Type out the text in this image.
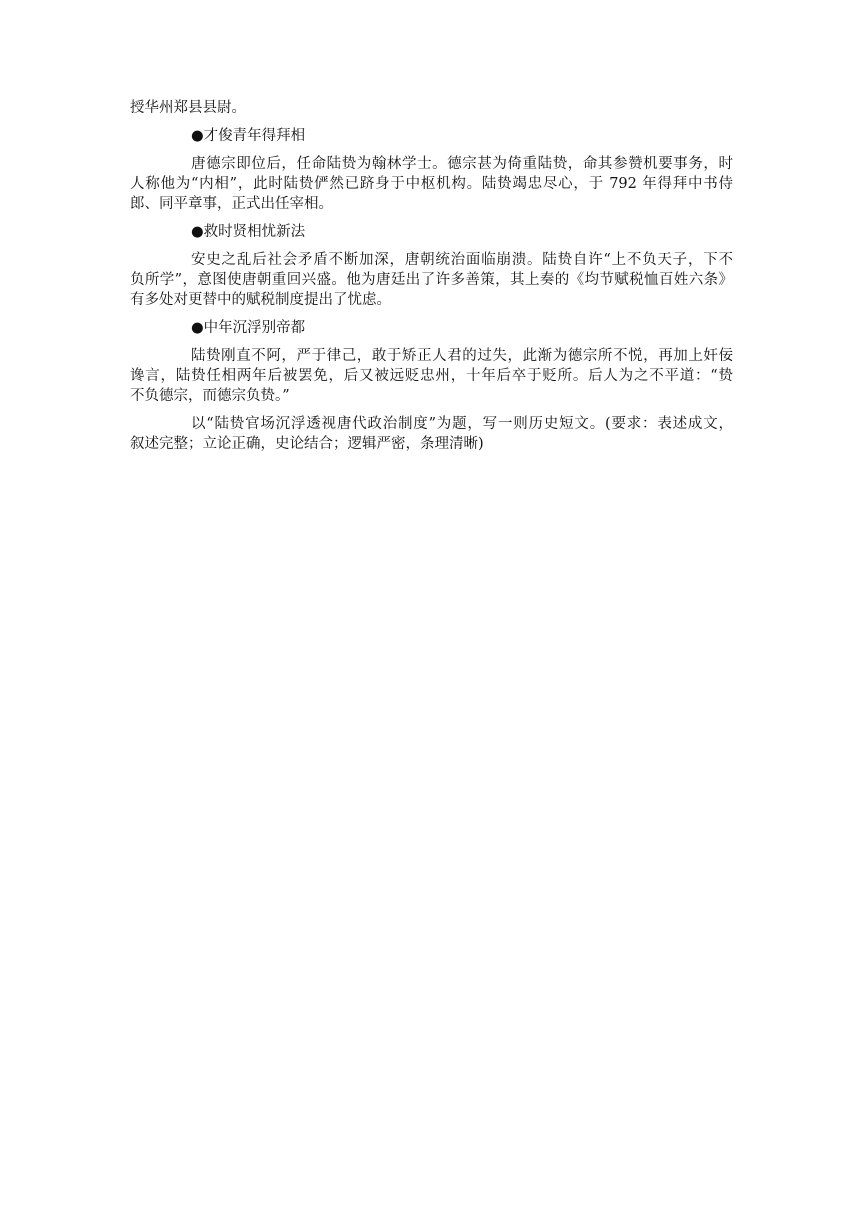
授华州郑县县尉。

●才俊青年得拜相

唐德宗即位后，任命陆贽为翰林学士。德宗甚为倚重陆贽，命其参赞机要事务，时

人称他为“内相”，此时陆贽俨然已跻身于中枢机构。陆贽竭忠尽心，于 792 年得拜中书侍

郎、同平章事，正式出任宰相。

●救时贤相忧新法

安史之乱后社会矛盾不断加深，唐朝统治面临崩溃。陆贽自许“上不负天子，下不

负所学”，意图使唐朝重回兴盛。他为唐廷出了许多善策，其上奏的《均节赋税恤百姓六条》

有多处对更替中的赋税制度提出了忧虑。

●中年沉浮别帝都

陆贽刚直不阿，严于律己，敢于矫正人君的过失，此渐为德宗所不悦，再加上奸佞

谗言，陆贽任相两年后被罢免，后又被远贬忠州，十年后卒于贬所。后人为之不平道：“贽

不负德宗，而德宗负贽。”

以“陆贽官场沉浮透视唐代政治制度”为题，写一则历史短文。(要求：表述成文，

叙述完整；立论正确，史论结合；逻辑严密，条理清晰)
